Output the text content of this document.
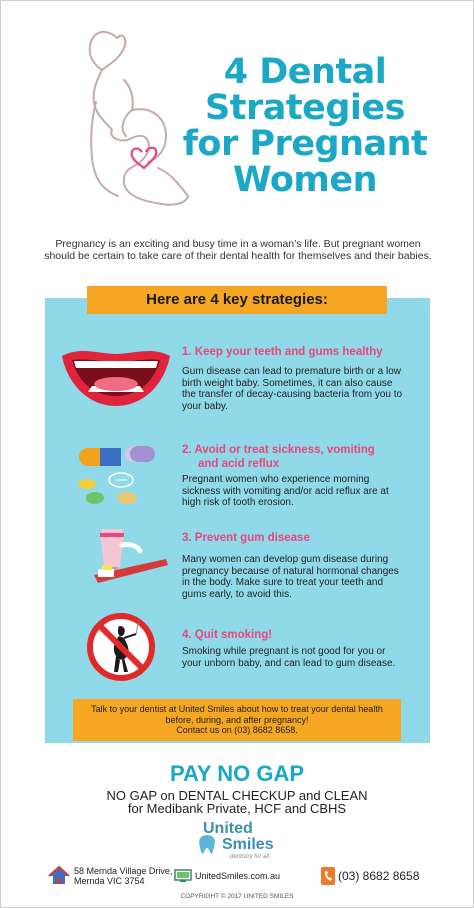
4 Dental
Strategies
for Pregnant
Women
Pregnancy is an exciting and busy time in a woman’s life. But pregnant women should be certain to take care of their dental health for themselves and their babies.
Here are 4 key strategies:
1. Keep your teeth and gums healthy
Gum disease can lead to premature birth or a low birth weight baby. Sometimes, it can also cause the transfer of decay-causing bacteria from you to your baby.
2. Avoid or treat sickness, vomiting
and acid reflux
Pregnant women who experience morning sickness with vomiting and/or acid reflux are at high risk of tooth erosion.
3. Prevent gum disease
Many women can develop gum disease during pregnancy because of natural hormonal changes in the body. Make sure to treat your teeth and gums early, to avoid this.
4. Quit smoking!
Smoking while pregnant is not good for you or your unborn baby, and can lead to gum disease.
Talk to your dentist at United Smiles about how to treat your dental health
before, during, and after pregnancy!
Contact us on (03) 8682 8658.
PAY NO GAP
NO GAP on DENTAL CHECKUP and CLEAN
for Medibank Private, HCF and CBHS
United
Smiles
dentistry for all
58 Mernda Village Drive,
Mernda VIC 3754	UnitedSmiles.com.au	(03) 8682 8658
COPYRIGHT © 2017 UNITED SMILES
